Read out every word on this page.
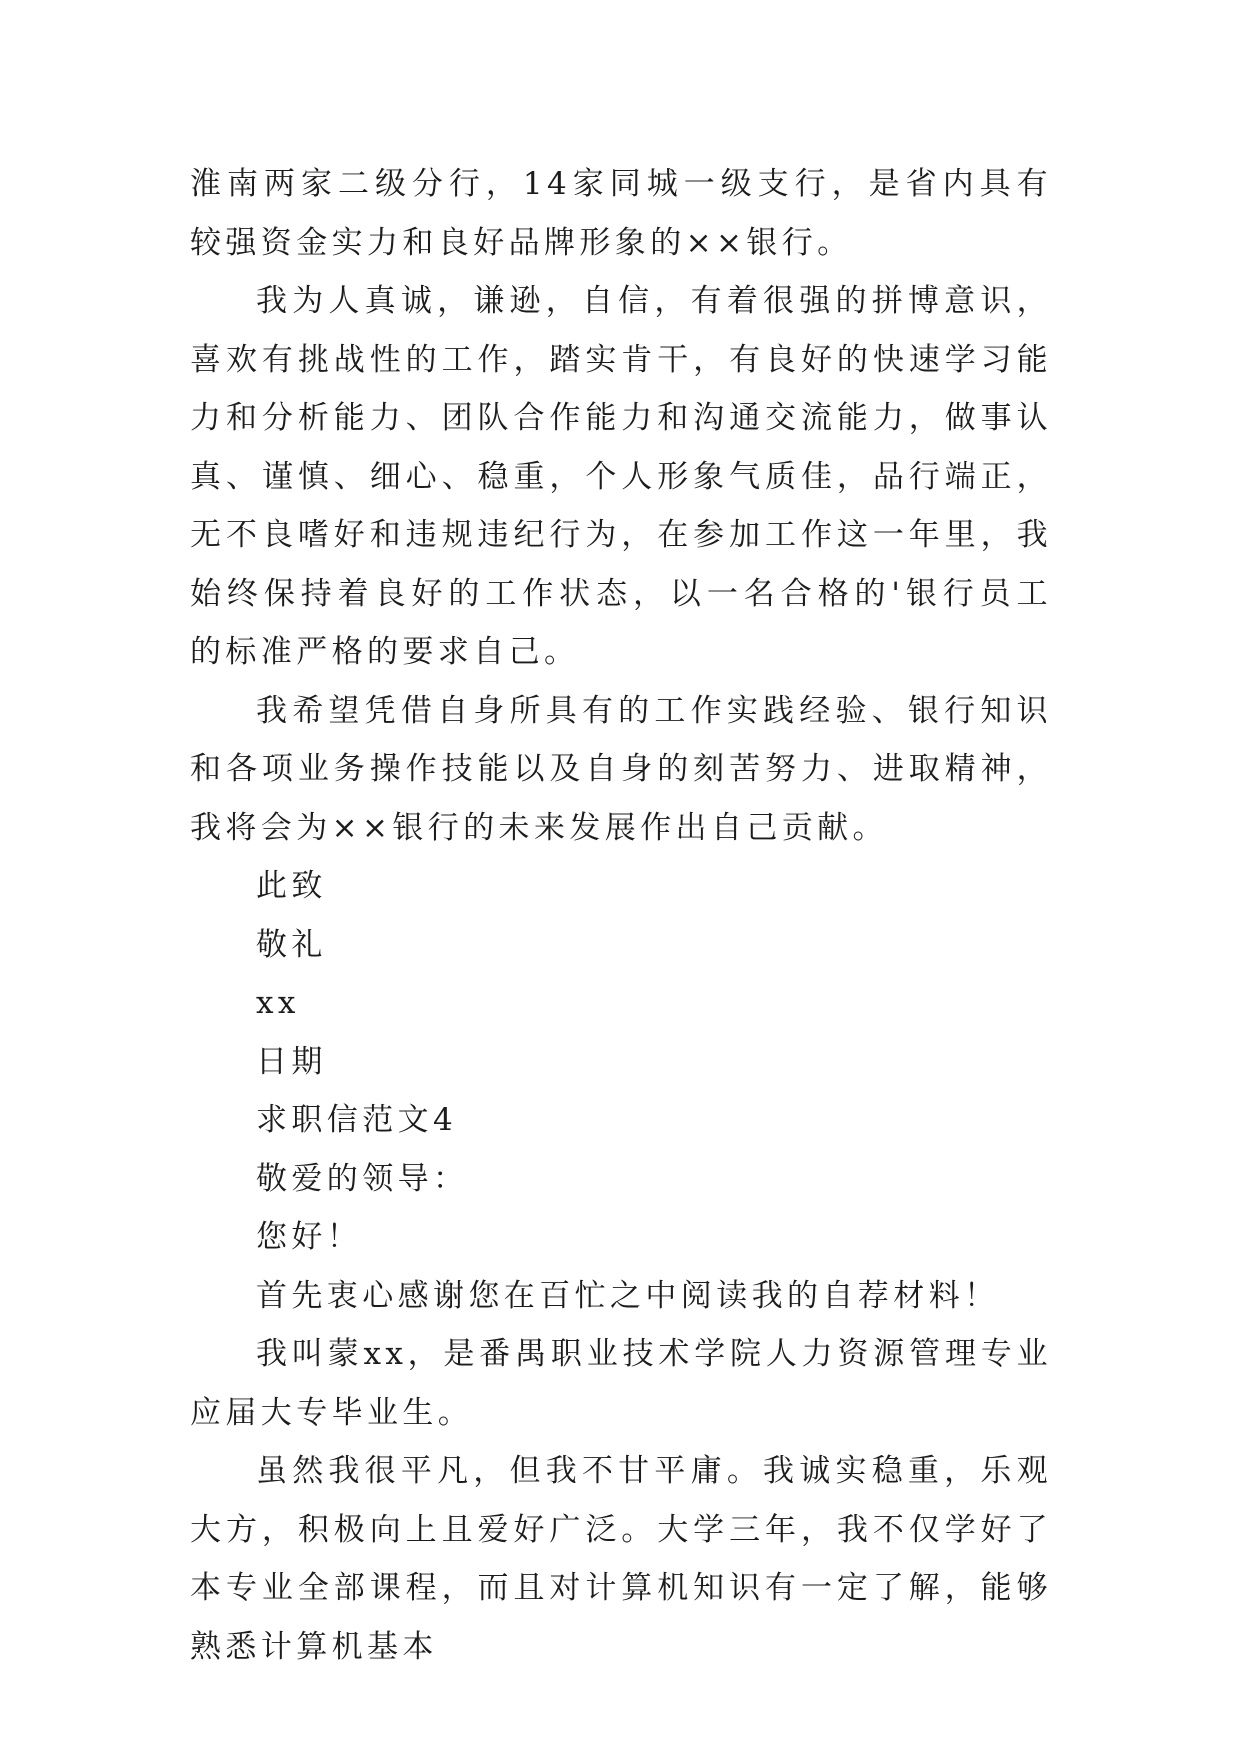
淮南两家二级分行，14家同城一级支行，是省内具有较强资金实力和良好品牌形象的××银行。

我为人真诚，谦逊，自信，有着很强的拼博意识，喜欢有挑战性的工作，踏实肯干，有良好的快速学习能力和分析能力、团队合作能力和沟通交流能力，做事认真、谨慎、细心、稳重，个人形象气质佳，品行端正，无不良嗜好和违规违纪行为，在参加工作这一年里，我始终保持着良好的工作状态，以一名合格的'银行员工的标准严格的要求自己。

我希望凭借自身所具有的工作实践经验、银行知识和各项业务操作技能以及自身的刻苦努力、进取精神，我将会为××银行的未来发展作出自己贡献。

此致

敬礼

xx

日期

求职信范文4

敬爱的领导：

您好！

首先衷心感谢您在百忙之中阅读我的自荐材料！

我叫蒙xx，是番禺职业技术学院人力资源管理专业应届大专毕业生。

虽然我很平凡，但我不甘平庸。我诚实稳重，乐观大方，积极向上且爱好广泛。大学三年，我不仅学好了本专业全部课程，而且对计算机知识有一定了解，能够熟悉计算机基本
